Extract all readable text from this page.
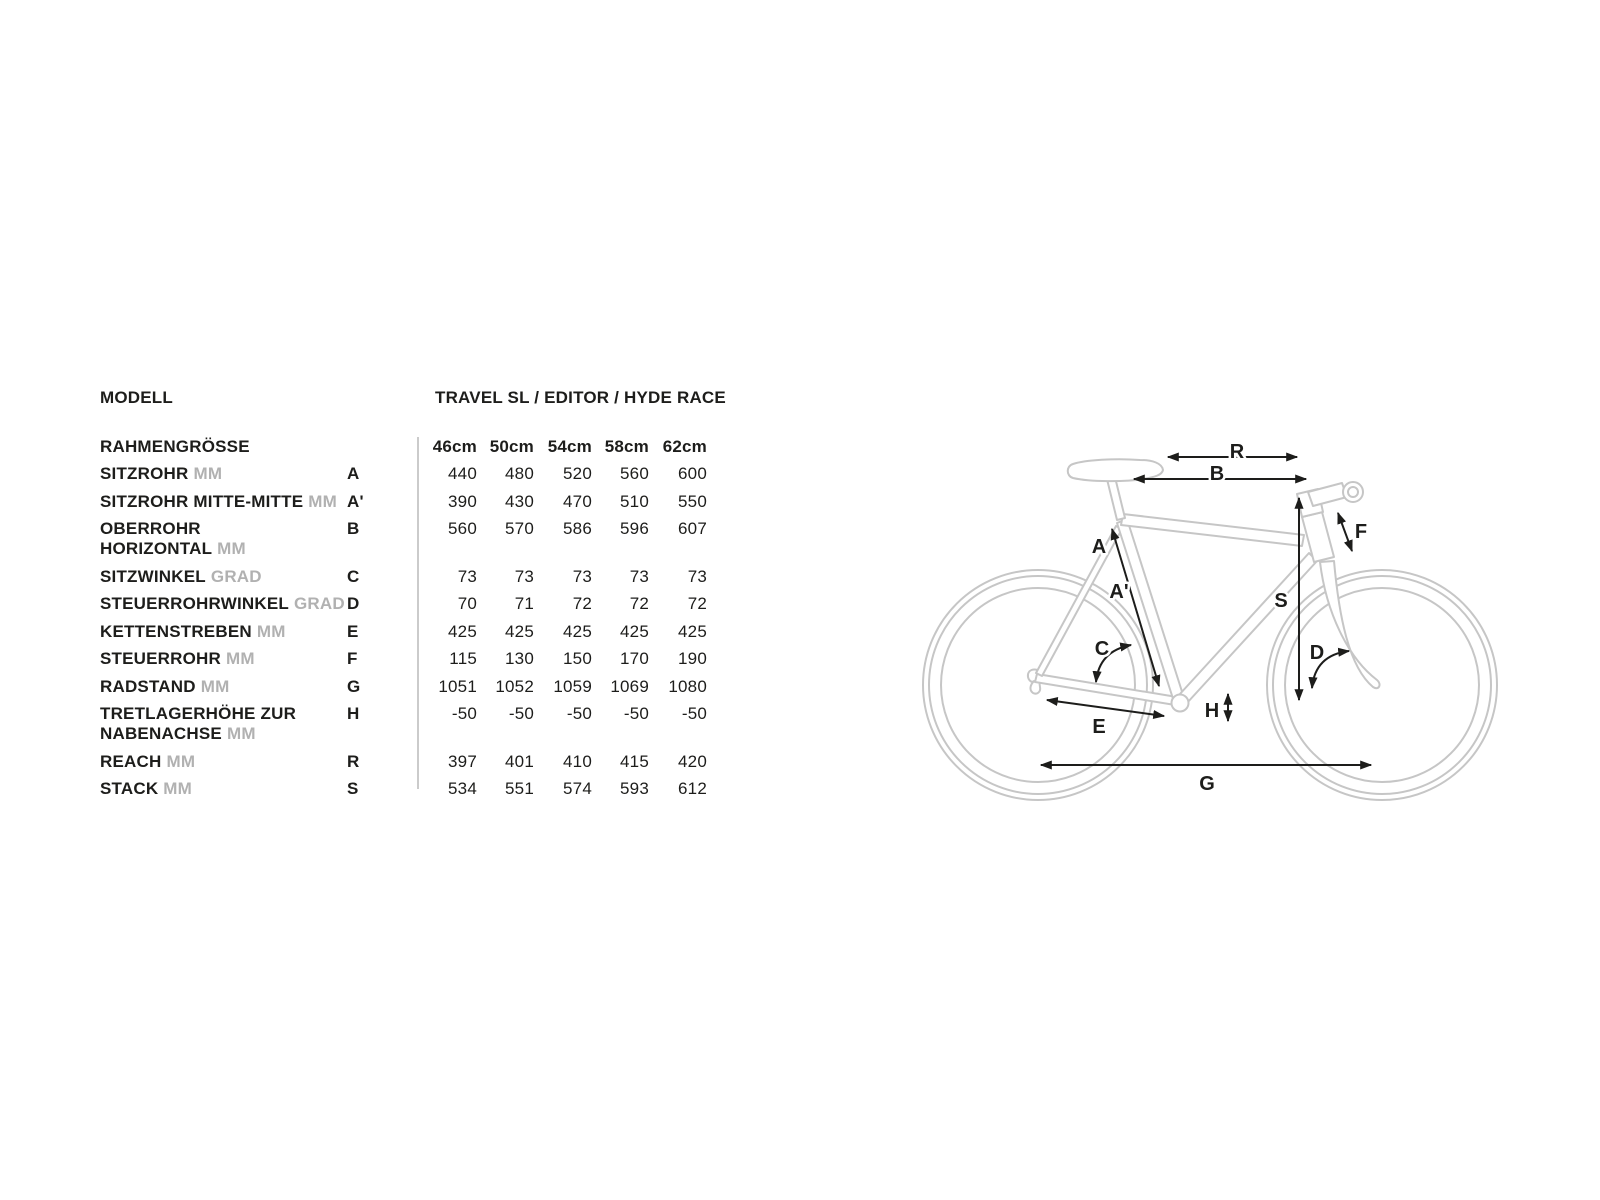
MODELL	TRAVEL SL / EDITOR / HYDE RACE
RAHMENGRÖSSE		46cm	50cm	54cm	58cm	62cm
SITZROHR MM	A	440	480	520	560	600
SITZROHR MITTE-MITTE MM	A'	390	430	470	510	550
OBERROHR HORIZONTAL MM	B	560	570	586	596	607
SITZWINKEL GRAD	C	73	73	73	73	73
STEUERROHRWINKEL GRAD	D	70	71	72	72	72
KETTENSTREBEN MM	E	425	425	425	425	425
STEUERROHR MM	F	115	130	150	170	190
RADSTAND MM	G	1051	1052	1059	1069	1080
TRETLAGERHÖHE ZUR NABENACHSE MM	H	-50	-50	-50	-50	-50
REACH MM	R	397	401	410	415	420
STACK MM	S	534	551	574	593	612
R
B
A
A'
C	D
E
F
G
H
S
